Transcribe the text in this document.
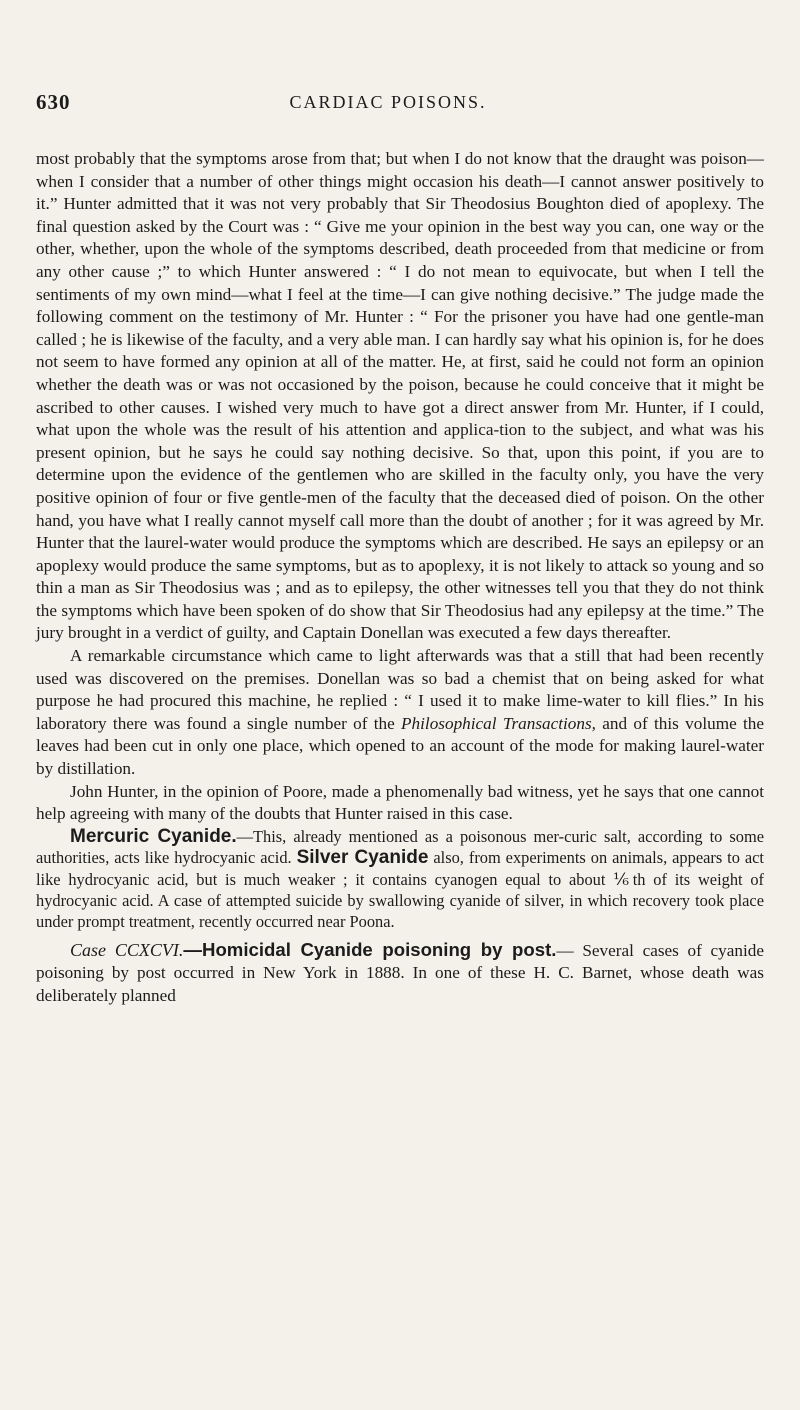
630	CARDIAC POISONS.

most probably that the symptoms arose from that; but when I do not know that the draught was poison—when I consider that a number of other things might occasion his death—I cannot answer positively to it.” Hunter admitted that it was not very probably that Sir Theodosius Boughton died of apoplexy. The final question asked by the Court was : “ Give me your opinion in the best way you can, one way or the other, whether, upon the whole of the symptoms described, death proceeded from that medicine or from any other cause ;” to which Hunter answered : “ I do not mean to equivocate, but when I tell the sentiments of my own mind—what I feel at the time—I can give nothing decisive.” The judge made the following comment on the testimony of Mr. Hunter : “ For the prisoner you have had one gentle-man called ; he is likewise of the faculty, and a very able man. I can hardly say what his opinion is, for he does not seem to have formed any opinion at all of the matter. He, at first, said he could not form an opinion whether the death was or was not occasioned by the poison, because he could conceive that it might be ascribed to other causes. I wished very much to have got a direct answer from Mr. Hunter, if I could, what upon the whole was the result of his attention and applica-tion to the subject, and what was his present opinion, but he says he could say nothing decisive. So that, upon this point, if you are to determine upon the evidence of the gentlemen who are skilled in the faculty only, you have the very positive opinion of four or five gentle-men of the faculty that the deceased died of poison. On the other hand, you have what I really cannot myself call more than the doubt of another ; for it was agreed by Mr. Hunter that the laurel-water would produce the symptoms which are described. He says an epilepsy or an apoplexy would produce the same symptoms, but as to apoplexy, it is not likely to attack so young and so thin a man as Sir Theodosius was ; and as to epilepsy, the other witnesses tell you that they do not think the symptoms which have been spoken of do show that Sir Theodosius had any epilepsy at the time.” The jury brought in a verdict of guilty, and Captain Donellan was executed a few days thereafter.

A remarkable circumstance which came to light afterwards was that a still that had been recently used was discovered on the premises. Donellan was so bad a chemist that on being asked for what purpose he had procured this machine, he replied : “ I used it to make lime-water to kill flies.” In his laboratory there was found a single number of the Philosophical Transactions, and of this volume the leaves had been cut in only one place, which opened to an account of the mode for making laurel-water by distillation.

John Hunter, in the opinion of Poore, made a phenomenally bad witness, yet he says that one cannot help agreeing with many of the doubts that Hunter raised in this case.

Mercuric Cyanide.—This, already mentioned as a poisonous mer-curic salt, according to some authorities, acts like hydrocyanic acid. Silver Cyanide also, from experiments on animals, appears to act like hydrocyanic acid, but is much weaker ; it contains cyanogen equal to about ⅙th of its weight of hydrocyanic acid. A case of attempted suicide by swallowing cyanide of silver, in which recovery took place under prompt treatment, recently occurred near Poona.

Case CCXCVI.—Homicidal Cyanide poisoning by post.— Several cases of cyanide poisoning by post occurred in New York in 1888. In one of these H. C. Barnet, whose death was deliberately planned
